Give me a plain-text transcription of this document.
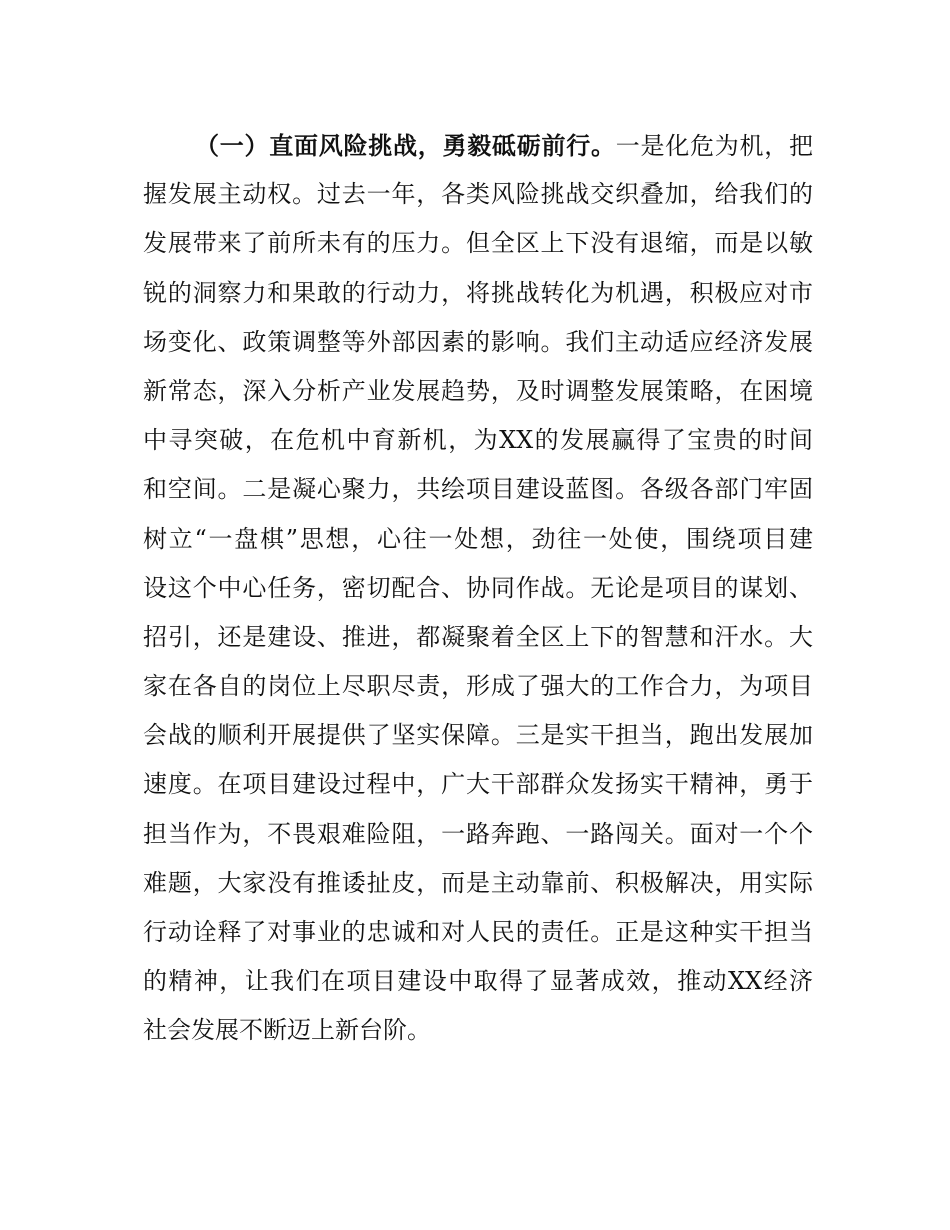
（一）直面风险挑战，勇毅砥砺前行。一是化危为机，把
握发展主动权。过去一年，各类风险挑战交织叠加，给我们的
发展带来了前所未有的压力。但全区上下没有退缩，而是以敏
锐的洞察力和果敢的行动力，将挑战转化为机遇，积极应对市
场变化、政策调整等外部因素的影响。我们主动适应经济发展
新常态，深入分析产业发展趋势，及时调整发展策略，在困境
中寻突破，在危机中育新机，为XX的发展赢得了宝贵的时间
和空间。二是凝心聚力，共绘项目建设蓝图。各级各部门牢固
树立“一盘棋”思想，心往一处想，劲往一处使，围绕项目建
设这个中心任务，密切配合、协同作战。无论是项目的谋划、
招引，还是建设、推进，都凝聚着全区上下的智慧和汗水。大
家在各自的岗位上尽职尽责，形成了强大的工作合力，为项目
会战的顺利开展提供了坚实保障。三是实干担当，跑出发展加
速度。在项目建设过程中，广大干部群众发扬实干精神，勇于
担当作为，不畏艰难险阻，一路奔跑、一路闯关。面对一个个
难题，大家没有推诿扯皮，而是主动靠前、积极解决，用实际
行动诠释了对事业的忠诚和对人民的责任。正是这种实干担当
的精神，让我们在项目建设中取得了显著成效，推动XX经济
社会发展不断迈上新台阶。
